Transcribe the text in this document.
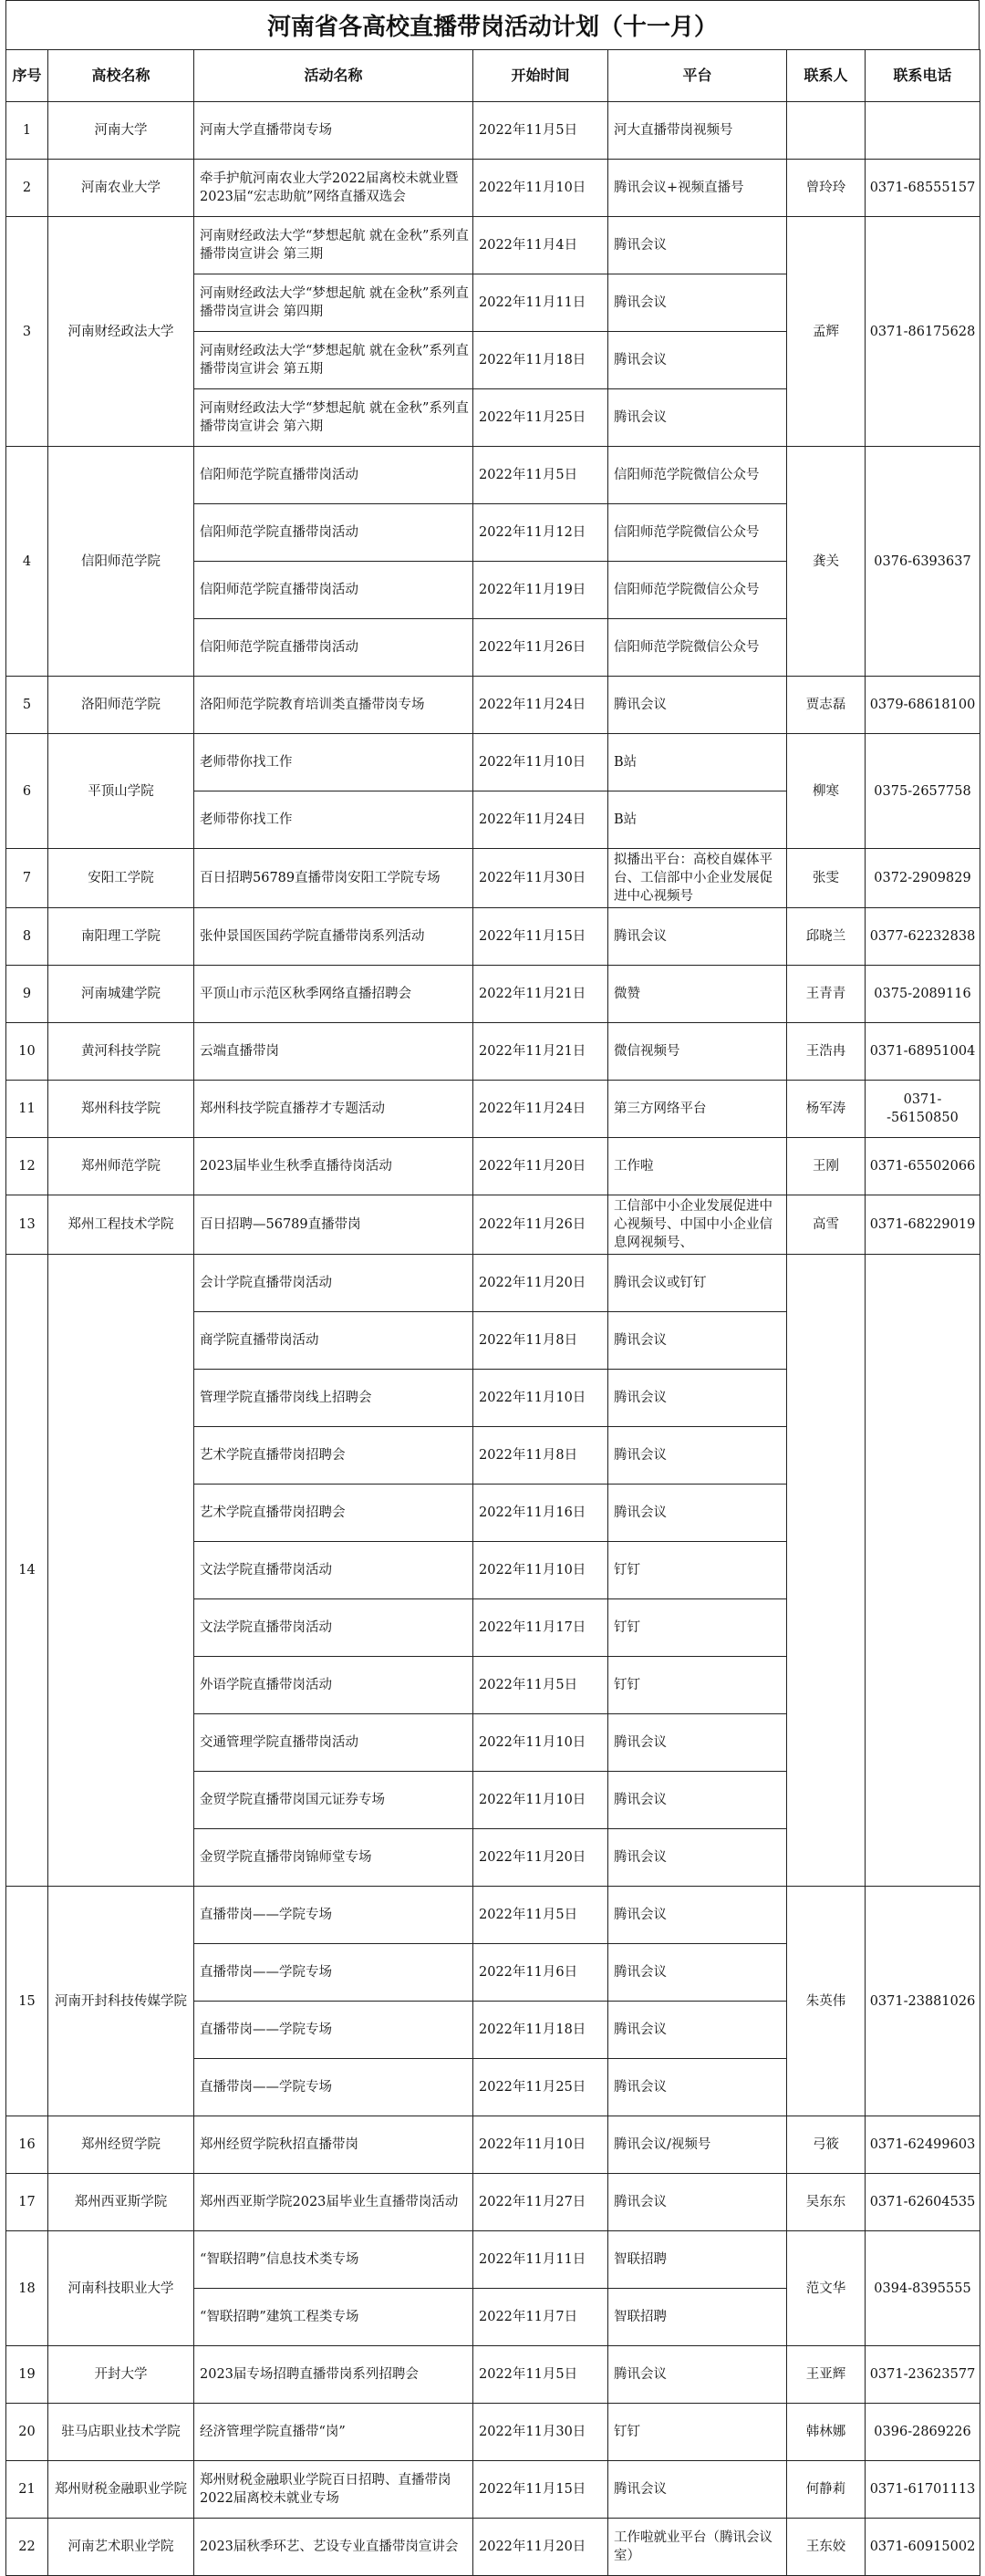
河南省各高校直播带岗活动计划（十一月）
序号	高校名称	活动名称	开始时间	平台	联系人	联系电话

1	河南大学	河南大学直播带岗专场	2022年11月5日	河大直播带岗视频号		

2	河南农业大学	牵手护航河南农业大学2022届离校未就业暨2023届“宏志助航”网络直播双选会	2022年11月10日	腾讯会议+视频直播号	曾玲玲	0371-68555157

3	河南财经政法大学	河南财经政法大学“梦想起航 就在金秋”系列直播带岗宣讲会 第三期	2022年11月4日	腾讯会议	孟辉	0371-86175628

		河南财经政法大学“梦想起航 就在金秋”系列直播带岗宣讲会 第四期	2022年11月11日	腾讯会议		

		河南财经政法大学“梦想起航 就在金秋”系列直播带岗宣讲会 第五期	2022年11月18日	腾讯会议		

		河南财经政法大学“梦想起航 就在金秋”系列直播带岗宣讲会 第六期	2022年11月25日	腾讯会议		

4	信阳师范学院	信阳师范学院直播带岗活动	2022年11月5日	信阳师范学院微信公众号	龚关	0376-6393637

		信阳师范学院直播带岗活动	2022年11月12日	信阳师范学院微信公众号		

		信阳师范学院直播带岗活动	2022年11月19日	信阳师范学院微信公众号		

		信阳师范学院直播带岗活动	2022年11月26日	信阳师范学院微信公众号		

5	洛阳师范学院	洛阳师范学院教育培训类直播带岗专场	2022年11月24日	腾讯会议	贾志磊	0379-68618100

6	平顶山学院	老师带你找工作	2022年11月10日	B站	柳寒	0375-2657758

		老师带你找工作	2022年11月24日	B站		

7	安阳工学院	百日招聘56789直播带岗安阳工学院专场	2022年11月30日	拟播出平台：高校自媒体平台、工信部中小企业发展促进中心视频号	张雯	0372-2909829

8	南阳理工学院	张仲景国医国药学院直播带岗系列活动	2022年11月15日	腾讯会议	邱晓兰	0377-62232838

9	河南城建学院	平顶山市示范区秋季网络直播招聘会	2022年11月21日	微赞	王青青	0375-2089116

10	黄河科技学院	云端直播带岗	2022年11月21日	微信视频号	王浩冉	0371-68951004

11	郑州科技学院	郑州科技学院直播荐才专题活动	2022年11月24日	第三方网络平台	杨军涛	0371--56150850

12	郑州师范学院	2023届毕业生秋季直播待岗活动	2022年11月20日	工作啦	王刚	0371-65502066

13	郑州工程技术学院	百日招聘—56789直播带岗	2022年11月26日	工信部中小企业发展促进中心视频号、中国中小企业信息网视频号、	高雪	0371-68229019

14		会计学院直播带岗活动	2022年11月20日	腾讯会议或钉钉		

		商学院直播带岗活动	2022年11月8日	腾讯会议		

		管理学院直播带岗线上招聘会	2022年11月10日	腾讯会议		

		艺术学院直播带岗招聘会	2022年11月8日	腾讯会议		

		艺术学院直播带岗招聘会	2022年11月16日	腾讯会议		

		文法学院直播带岗活动	2022年11月10日	钉钉		

		文法学院直播带岗活动	2022年11月17日	钉钉		

		外语学院直播带岗活动	2022年11月5日	钉钉		

		交通管理学院直播带岗活动	2022年11月10日	腾讯会议		

		金贸学院直播带岗国元证券专场	2022年11月10日	腾讯会议		

		金贸学院直播带岗锦师堂专场	2022年11月20日	腾讯会议		

15	河南开封科技传媒学院	直播带岗——学院专场	2022年11月5日	腾讯会议	朱英伟	0371-23881026

		直播带岗——学院专场	2022年11月6日	腾讯会议		

		直播带岗——学院专场	2022年11月18日	腾讯会议		

		直播带岗——学院专场	2022年11月25日	腾讯会议		

16	郑州经贸学院	郑州经贸学院秋招直播带岗	2022年11月10日	腾讯会议/视频号	弓筱	0371-62499603

17	郑州西亚斯学院	郑州西亚斯学院2023届毕业生直播带岗活动	2022年11月27日	腾讯会议	吴东东	0371-62604535

18	河南科技职业大学	“智联招聘”信息技术类专场	2022年11月11日	智联招聘	范文华	0394-8395555

		“智联招聘”建筑工程类专场	2022年11月7日	智联招聘		

19	开封大学	2023届专场招聘直播带岗系列招聘会	2022年11月5日	腾讯会议	王亚辉	0371-23623577

20	驻马店职业技术学院	经济管理学院直播带“岗”	2022年11月30日	钉钉	韩林娜	0396-2869226

21	郑州财税金融职业学院	郑州财税金融职业学院百日招聘、直播带岗2022届离校未就业专场	2022年11月15日	腾讯会议	何静莉	0371-61701113

22	河南艺术职业学院	2023届秋季环艺、艺设专业直播带岗宣讲会	2022年11月20日	工作啦就业平台（腾讯会议室）	王东姣	0371-60915002
